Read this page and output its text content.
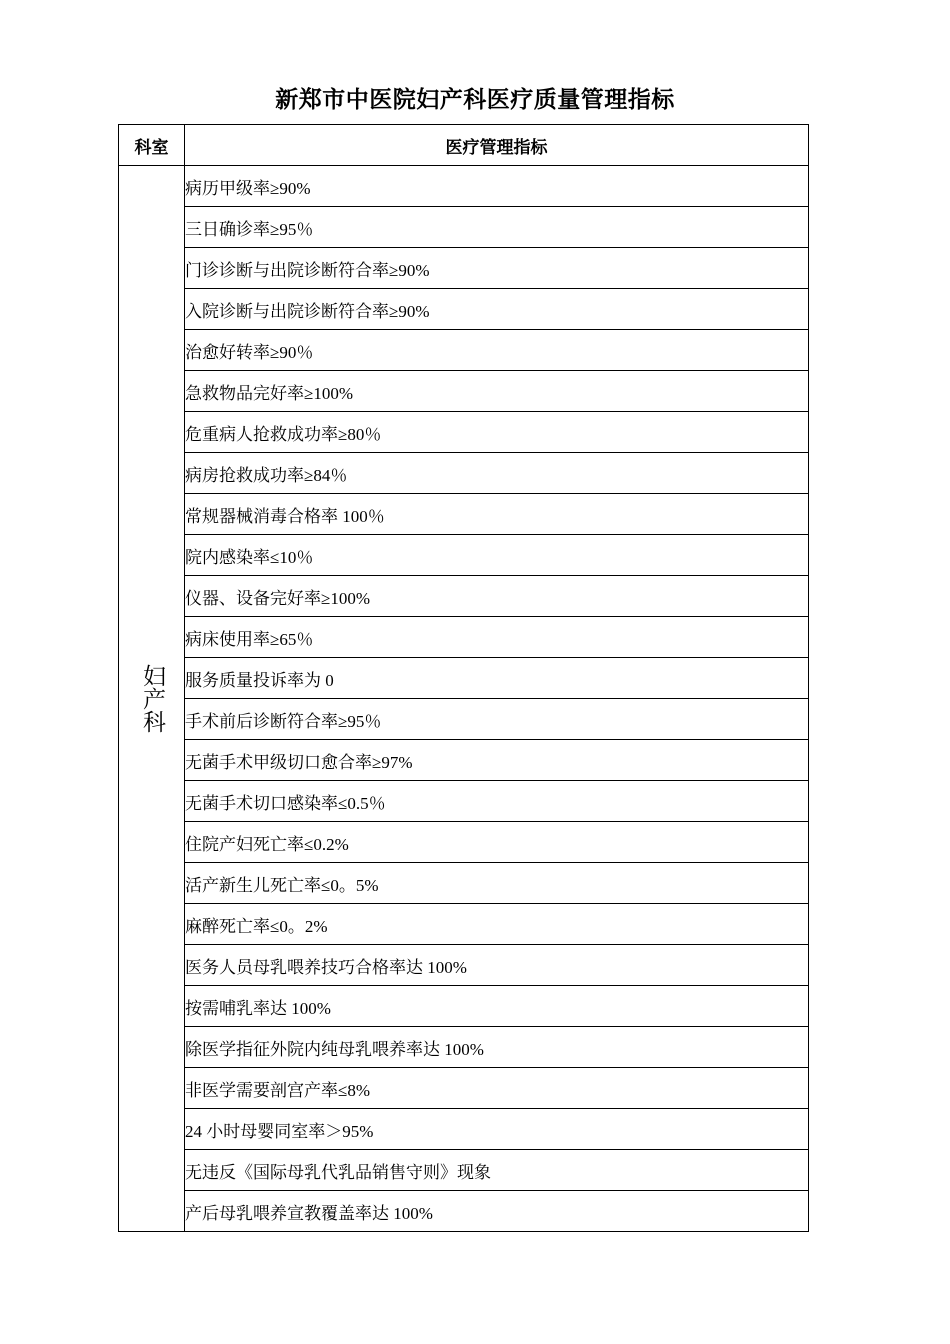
新郑市中医院妇产科医疗质量管理指标
科室	医疗管理指标

妇产科	病历甲级率≥90%
	三日确诊率≥95％
	门诊诊断与出院诊断符合率≥90%
	入院诊断与出院诊断符合率≥90%
	治愈好转率≥90％
	急救物品完好率≥100%
	危重病人抢救成功率≥80％
	病房抢救成功率≥84％
	常规器械消毒合格率 100％
	院内感染率≤10％
	仪器、设备完好率≥100%
	病床使用率≥65％
	服务质量投诉率为 0
	手术前后诊断符合率≥95％
	无菌手术甲级切口愈合率≥97%
	无菌手术切口感染率≤0.5％
	住院产妇死亡率≤0.2%
	活产新生儿死亡率≤0。5%
	麻醉死亡率≤0。2%
	医务人员母乳喂养技巧合格率达 100%
	按需哺乳率达 100%
	除医学指征外院内纯母乳喂养率达 100%
	非医学需要剖宫产率≤8%
	24 小时母婴同室率＞95%
	无违反《国际母乳代乳品销售守则》现象
	产后母乳喂养宣教覆盖率达 100%
